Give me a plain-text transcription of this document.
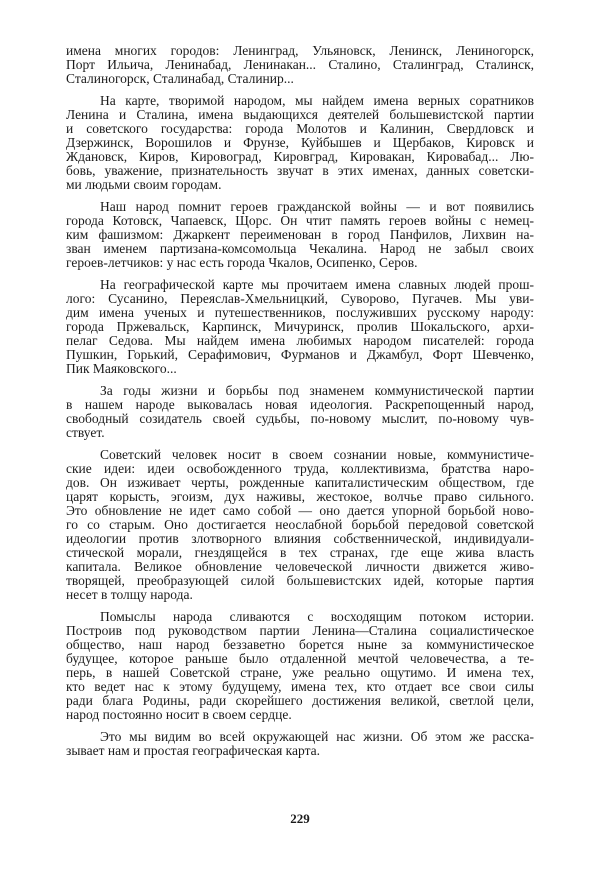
имена многих городов: Ленинград, Ульяновск, Ленинск, Лениногорск,
Порт Ильича, Ленинабад, Ленинакан... Сталино, Сталинград, Сталинск,
Сталиногорск, Сталинабад, Сталинир...
На карте, творимой народом, мы найдем имена верных соратников
Ленина и Сталина, имена выдающихся деятелей большевистской партии
и советского государства: города Молотов и Калинин, Свердловск и
Дзержинск, Ворошилов и Фрунзе, Куйбышев и Щербаков, Кировск и
Ждановск, Киров, Кировоград, Кировград, Кировакан, Кировабад... Лю-
бовь, уважение, признательность звучат в этих именах, данных советски-
ми людьми своим городам.
Наш народ помнит героев гражданской войны — и вот появились
города Котовск, Чапаевск, Щорс. Он чтит память героев войны с немец-
ким фашизмом: Джаркент переименован в город Панфилов, Лихвин на-
зван именем партизана-комсомольца Чекалина. Народ не забыл своих
героев-летчиков: у нас есть города Чкалов, Осипенко, Серов.
На географической карте мы прочитаем имена славных людей прош-
лого: Сусанино, Переяслав-Хмельницкий, Суворово, Пугачев. Мы уви-
дим имена ученых и путешественников, послуживших русскому народу:
города Пржевальск, Карпинск, Мичуринск, пролив Шокальского, архи-
пелаг Седова. Мы найдем имена любимых народом писателей: города
Пушкин, Горький, Серафимович, Фурманов и Джамбул, Форт Шевченко,
Пик Маяковского...
За годы жизни и борьбы под знаменем коммунистической партии
в нашем народе выковалась новая идеология. Раскрепощенный народ,
свободный созидатель своей судьбы, по-новому мыслит, по-новому чув-
ствует.
Советский человек носит в своем сознании новые, коммунистиче-
ские идеи: идеи освобожденного труда, коллективизма, братства наро-
дов. Он изживает черты, рожденные капиталистическим обществом, где
царят корысть, эгоизм, дух наживы, жестокое, волчье право сильного.
Это обновление не идет само собой — оно дается упорной борьбой ново-
го со старым. Оно достигается неослабной борьбой передовой советской
идеологии против злотворного влияния собственнической, индивидуали-
стической морали, гнездящейся в тех странах, где еще жива власть
капитала. Великое обновление человеческой личности движется живо-
творящей, преобразующей силой большевистских идей, которые партия
несет в толщу народа.
Помыслы народа сливаются с восходящим потоком истории.
Построив под руководством партии Ленина—Сталина социалистическое
общество, наш народ беззаветно борется ныне за коммунистическое
будущее, которое раньше было отдаленной мечтой человечества, а те-
перь, в нашей Советской стране, уже реально ощутимо. И имена тех,
кто ведет нас к этому будущему, имена тех, кто отдает все свои силы
ради блага Родины, ради скорейшего достижения великой, светлой цели,
народ постоянно носит в своем сердце.
Это мы видим во всей окружающей нас жизни. Об этом же расска-
зывает нам и простая географическая карта.
229
